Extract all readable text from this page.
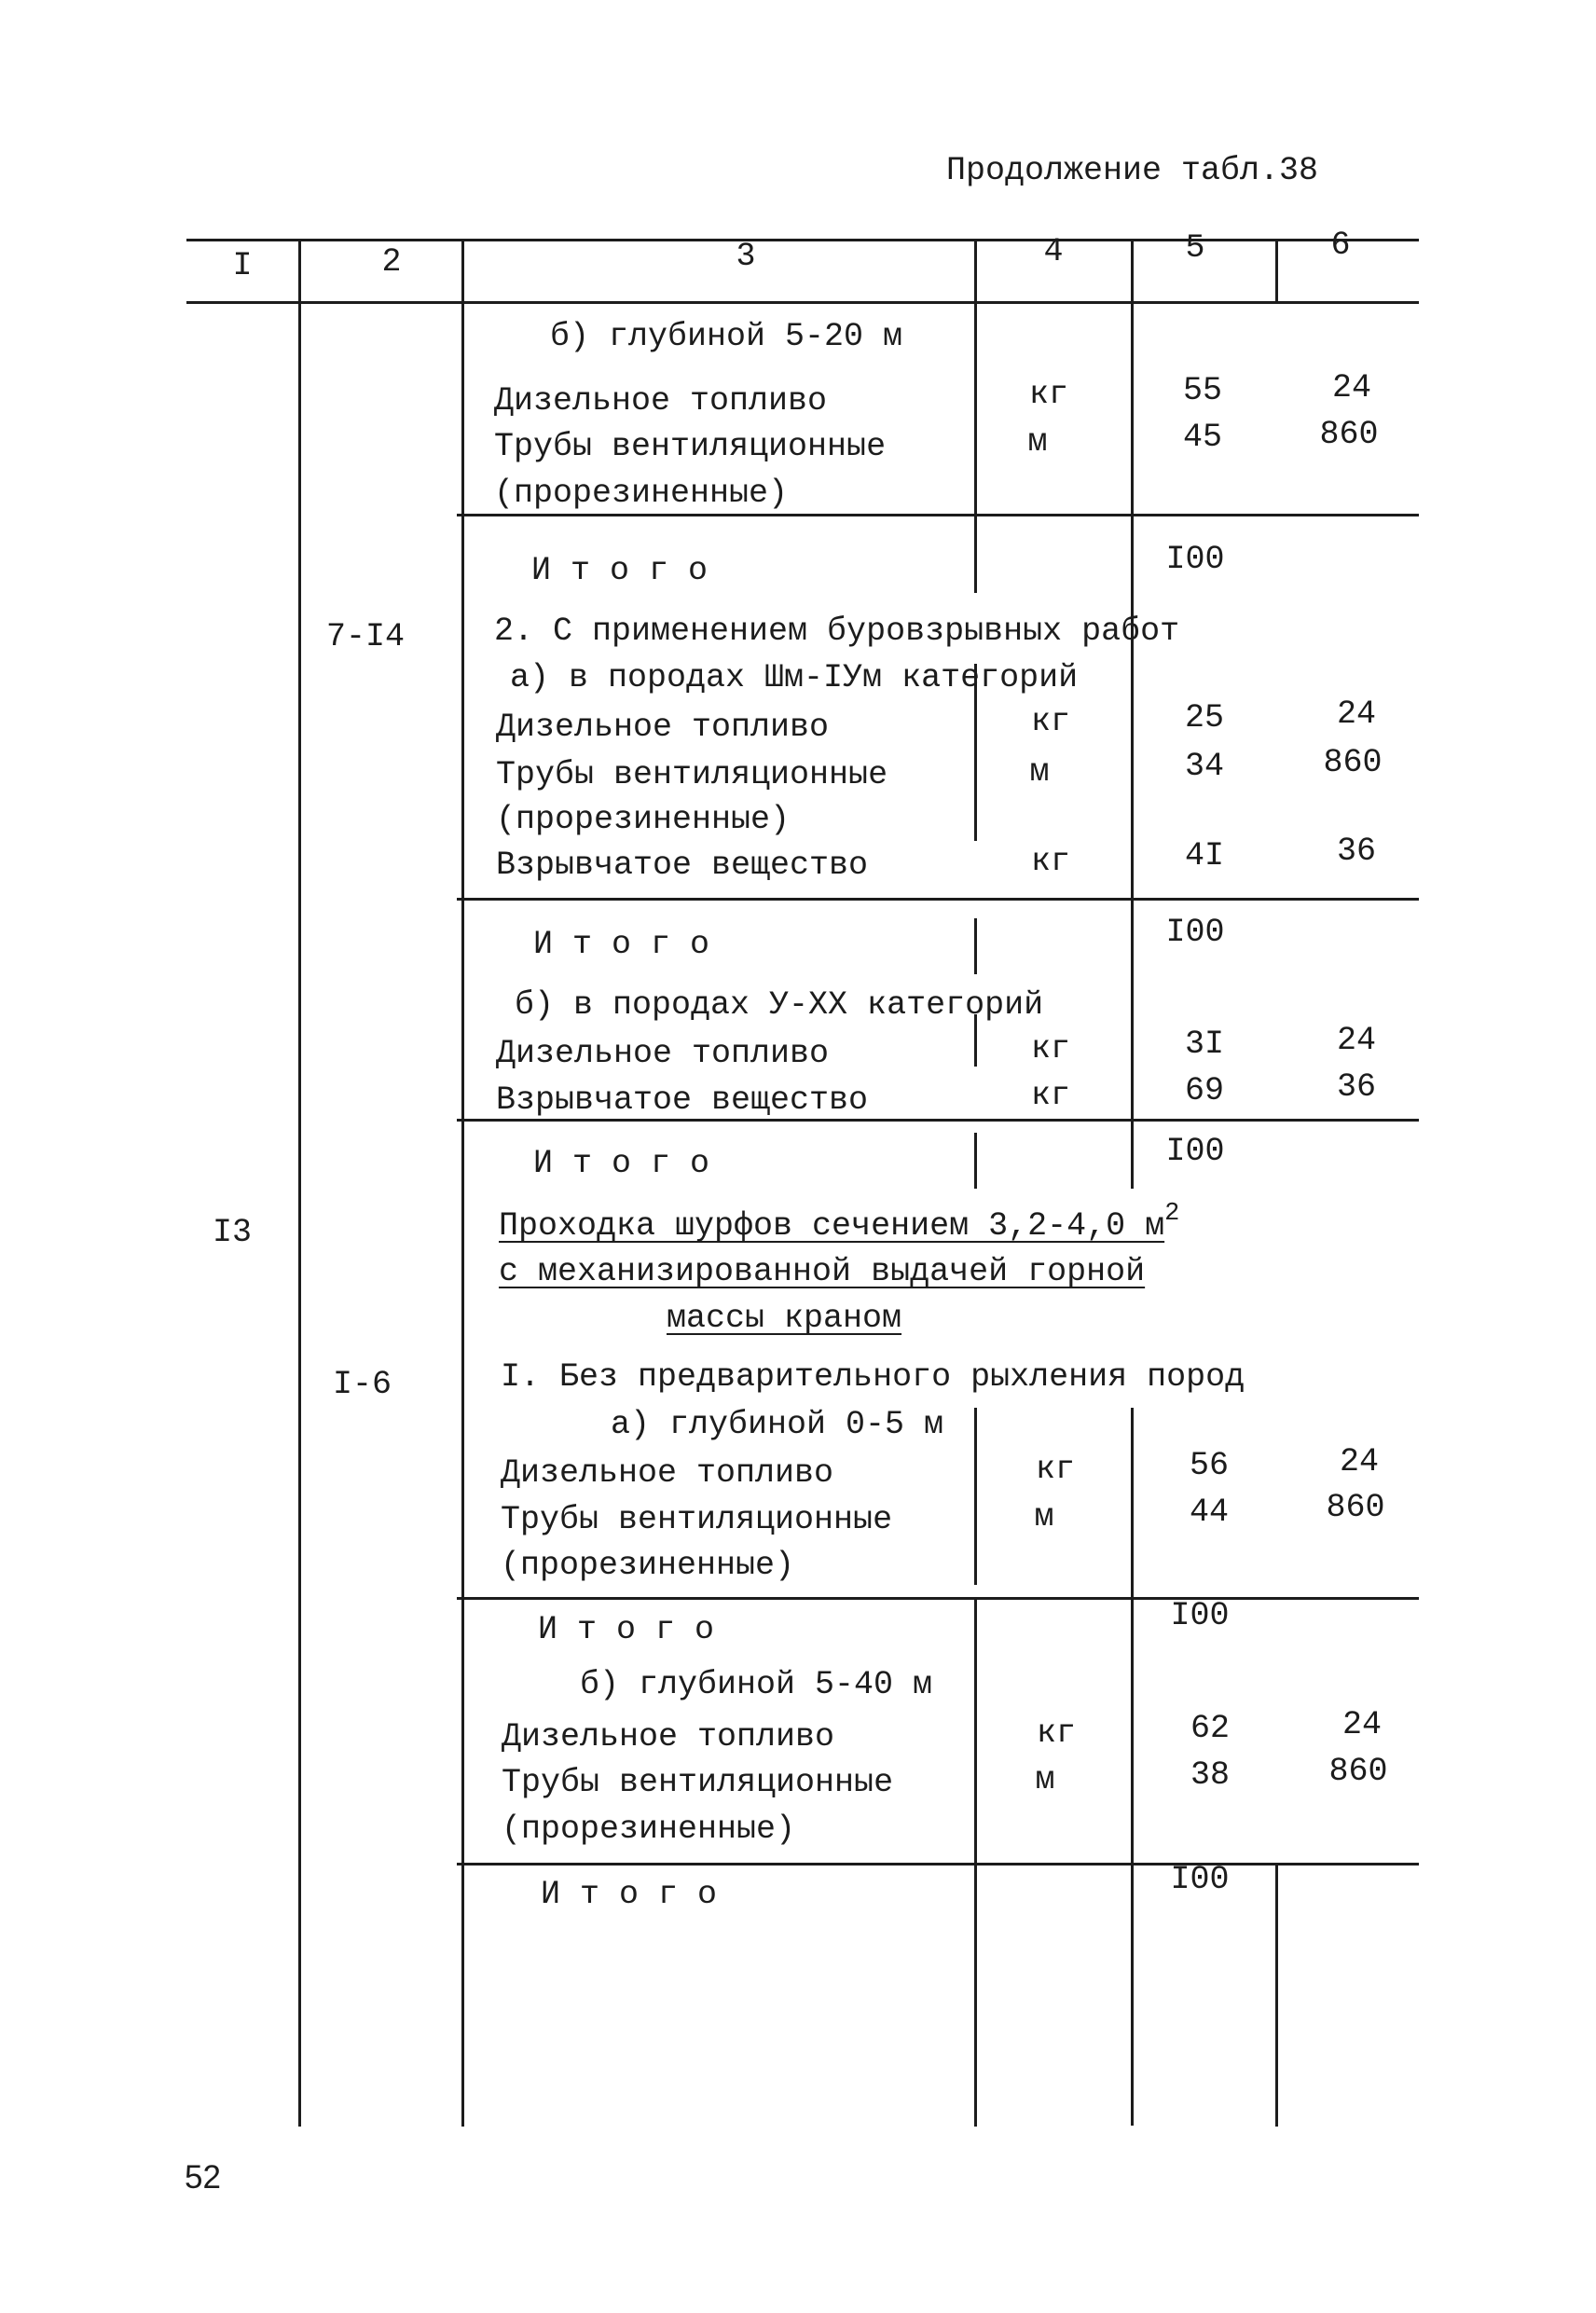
Продолжение табл.38
I	2	3	4	5	6
б) глубиной 5-20 м
Дизельное топливо	кг	55	24
Трубы вентиляционные	м	45	860
(прорезиненные)
И т о г о	I00
7-I4	2. С применением буровзрывных работ
а) в породах Шм-IУм категорий
Дизельное топливо	кг	25	24
Трубы вентиляционные	м	34	860
(прорезиненные)
Взрывчатое вещество	кг	4I	36
И т о г о	I00
б) в породах У-ХХ категорий
Дизельное топливо	кг	3I	24
Взрывчатое вещество	кг	69	36
И т о г о	I00
I3	Проходка шурфов сечением 3,2-4,0 $м^2$
с механизированной выдачей горной
массы краном
I-6	I. Без предварительного рыхления пород
а) глубиной 0-5 м
Дизельное топливо	кг	56	24
Трубы вентиляционные	м	44	860
(прорезиненные)
И т о г о	I00
б) глубиной 5-40 м
Дизельное топливо	кг	62	24
Трубы вентиляционные	м	38	860
(прорезиненные)
И т о г о	I00
52
